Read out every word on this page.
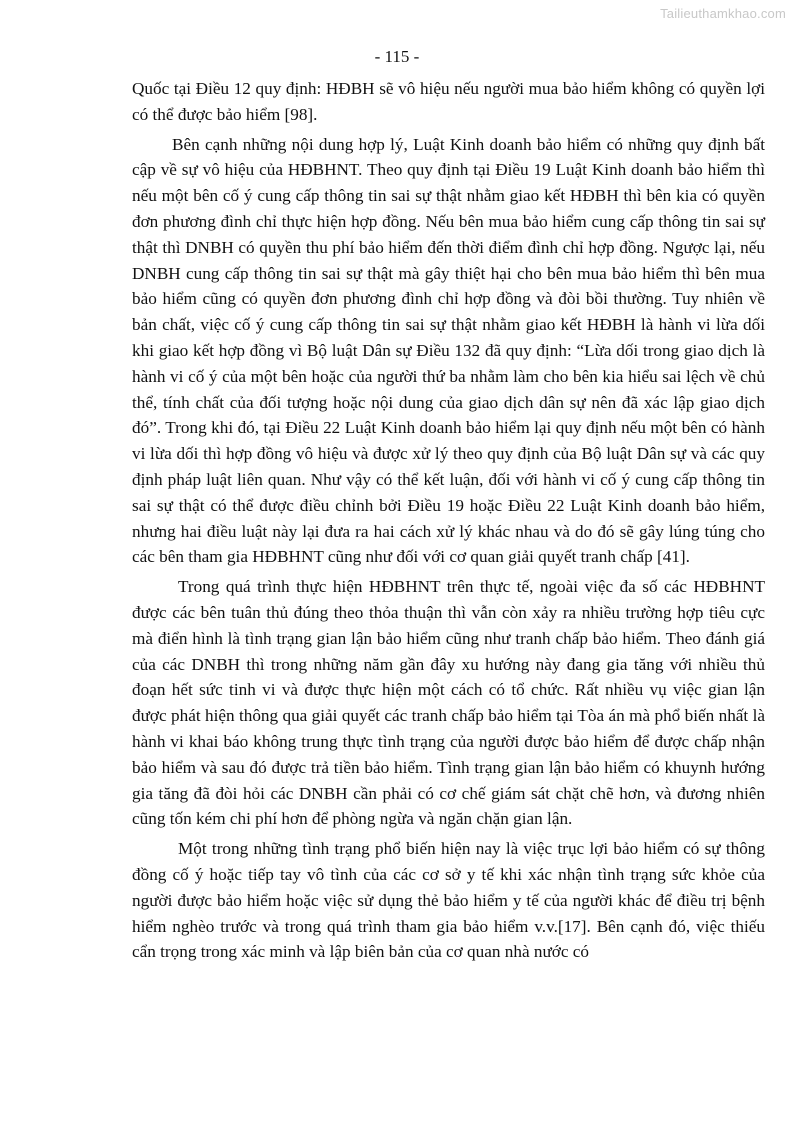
Tailieuthamkhao.com
- 115 -

Quốc tại Điều 12 quy định: HĐBH sẽ vô hiệu nếu người mua bảo hiểm không có quyền lợi có thể được bảo hiểm [98].

Bên cạnh những nội dung hợp lý, Luật Kinh doanh bảo hiểm có những quy định bất cập về sự vô hiệu của HĐBHNT. Theo quy định tại Điều 19 Luật Kinh doanh bảo hiểm thì nếu một bên cố ý cung cấp thông tin sai sự thật nhằm giao kết HĐBH thì bên kia có quyền đơn phương đình chỉ thực hiện hợp đồng. Nếu bên mua bảo hiểm cung cấp thông tin sai sự thật thì DNBH có quyền thu phí bảo hiểm đến thời điểm đình chỉ hợp đồng. Ngược lại, nếu DNBH cung cấp thông tin sai sự thật mà gây thiệt hại cho bên mua bảo hiểm thì bên mua bảo hiểm cũng có quyền đơn phương đình chỉ hợp đồng và đòi bồi thường. Tuy nhiên về bản chất, việc cố ý cung cấp thông tin sai sự thật nhằm giao kết HĐBH là hành vi lừa dối khi giao kết hợp đồng vì Bộ luật Dân sự Điều 132 đã quy định: “Lừa dối trong giao dịch là hành vi cố ý của một bên hoặc của người thứ ba nhằm làm cho bên kia hiểu sai lệch về chủ thể, tính chất của đối tượng hoặc nội dung của giao dịch dân sự nên đã xác lập giao dịch đó”. Trong khi đó, tại Điều 22 Luật Kinh doanh bảo hiểm lại quy định nếu một bên có hành vi lừa dối thì hợp đồng vô hiệu và được xử lý theo quy định của Bộ luật Dân sự và các quy định pháp luật liên quan. Như vậy có thể kết luận, đối với hành vi cố ý cung cấp thông tin sai sự thật có thể được điều chỉnh bởi Điều 19 hoặc Điều 22 Luật Kinh doanh bảo hiểm, nhưng hai điều luật này lại đưa ra hai cách xử lý khác nhau và do đó sẽ gây lúng túng cho các bên tham gia HĐBHNT cũng như đối với cơ quan giải quyết tranh chấp [41].

Trong quá trình thực hiện HĐBHNT trên thực tế, ngoài việc đa số các HĐBHNT được các bên tuân thủ đúng theo thỏa thuận thì vẫn còn xảy ra nhiều trường hợp tiêu cực mà điển hình là tình trạng gian lận bảo hiểm cũng như tranh chấp bảo hiểm. Theo đánh giá của các DNBH thì trong những năm gần đây xu hướng này đang gia tăng với nhiều thủ đoạn hết sức tinh vi và được thực hiện một cách có tổ chức. Rất nhiều vụ việc gian lận được phát hiện thông qua giải quyết các tranh chấp bảo hiểm tại Tòa án mà phổ biến nhất là hành vi khai báo không trung thực tình trạng của người được bảo hiểm để được chấp nhận bảo hiểm và sau đó được trả tiền bảo hiểm. Tình trạng gian lận bảo hiểm có khuynh hướng gia tăng đã đòi hỏi các DNBH cần phải có cơ chế giám sát chặt chẽ hơn, và đương nhiên cũng tốn kém chi phí hơn để phòng ngừa và ngăn chặn gian lận.

Một trong những tình trạng phổ biến hiện nay là việc trục lợi bảo hiểm có sự thông đồng cố ý hoặc tiếp tay vô tình của các cơ sở y tế khi xác nhận tình trạng sức khỏe của người được bảo hiểm hoặc việc sử dụng thẻ bảo hiểm y tế của người khác để điều trị bệnh hiểm nghèo trước và trong quá trình tham gia bảo hiểm v.v.[17]. Bên cạnh đó, việc thiếu cẩn trọng trong xác minh và lập biên bản của cơ quan nhà nước có
